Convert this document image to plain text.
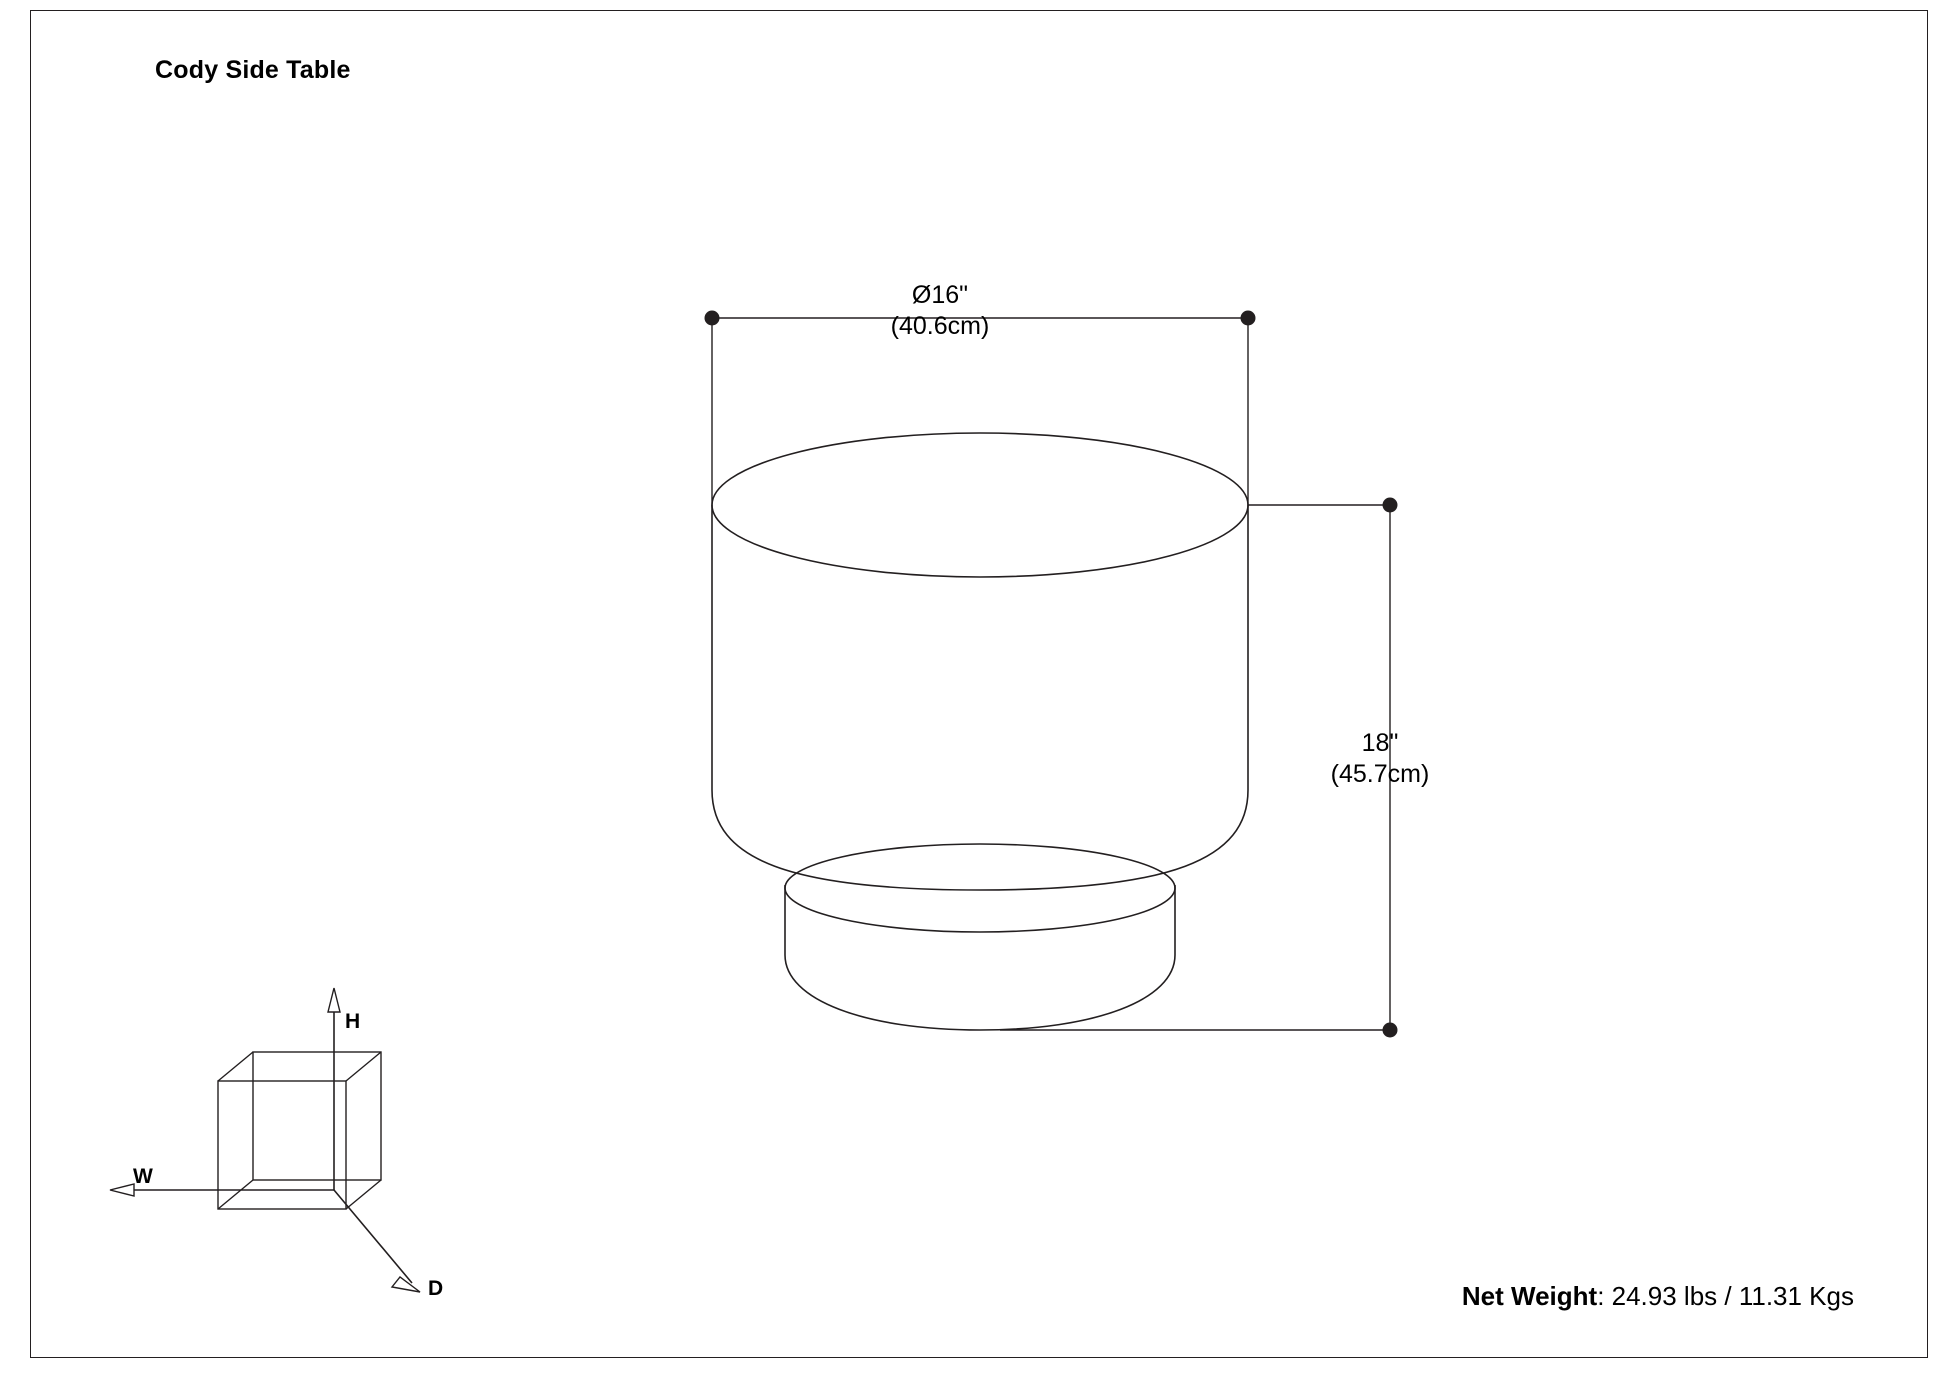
Cody Side Table
Ø16"
(40.6cm)
18"
(45.7cm)
H
W
D	Net Weight: 24.93 lbs / 11.31 Kgs
